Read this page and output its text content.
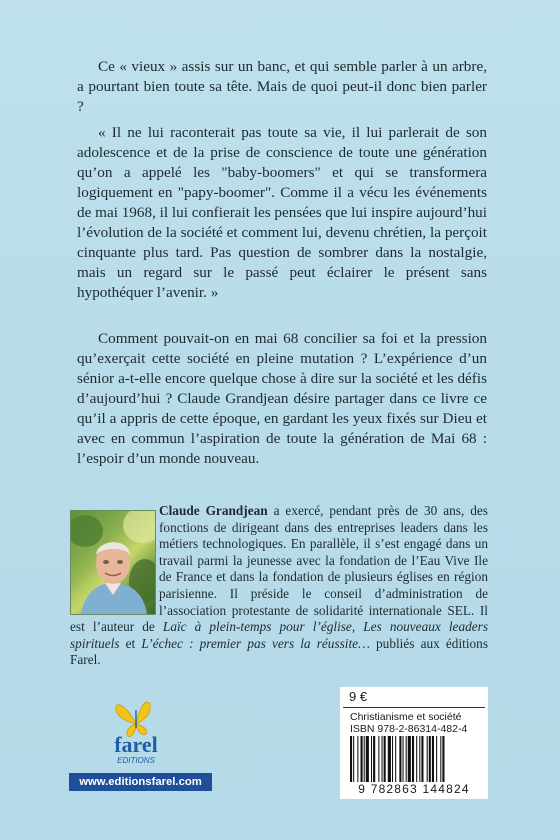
Ce « vieux » assis sur un banc, et qui semble parler à un arbre, a pourtant bien toute sa tête. Mais de quoi peut-il donc bien parler ?

« Il ne lui raconterait pas toute sa vie, il lui parlerait de son adolescence et de la prise de conscience de toute une génération qu’on a appelé les "baby-boomers" et qui se transformera logiquement en "papy-boomer". Comme il a vécu les événements de mai 1968, il lui confierait les pensées que lui inspire aujourd’hui l’évolution de la société et comment lui, devenu chrétien, la perçoit cinquante plus tard. Pas question de sombrer dans la nostalgie, mais un regard sur le passé peut éclairer le présent sans hypothéquer l’avenir. »

Comment pouvait-on en mai 68 concilier sa foi et la pression qu’exerçait cette société en pleine mutation ? L’expérience d’un sénior a-t-elle encore quelque chose à dire sur la société et les défis d’aujourd’hui ? Claude Grandjean désire partager dans ce livre ce qu’il a appris de cette époque, en gardant les yeux fixés sur Dieu et avec en commun l’aspiration de toute la génération de Mai 68 : l’espoir d’un monde nouveau.

Claude Grandjean a exercé, pendant près de 30 ans, des fonctions de dirigeant dans des entreprises leaders dans les métiers technologiques. En parallèle, il s’est engagé dans un travail parmi la jeunesse avec la fondation de l’Eau Vive Ile de France et dans la fondation de plusieurs églises en région parisienne. Il préside le conseil d’administration de l’association protestante de solidarité internationale SEL. Il est l’auteur de Laïc à plein-temps pour l’église, Les nouveaux leaders spirituels et L’échec : premier pas vers la réussite… publiés aux éditions Farel.

farel
EDITIONS
www.editionsfarel.com
9 €
Christianisme et société
ISBN 978-2-86314-482-4
9 782863 144824
